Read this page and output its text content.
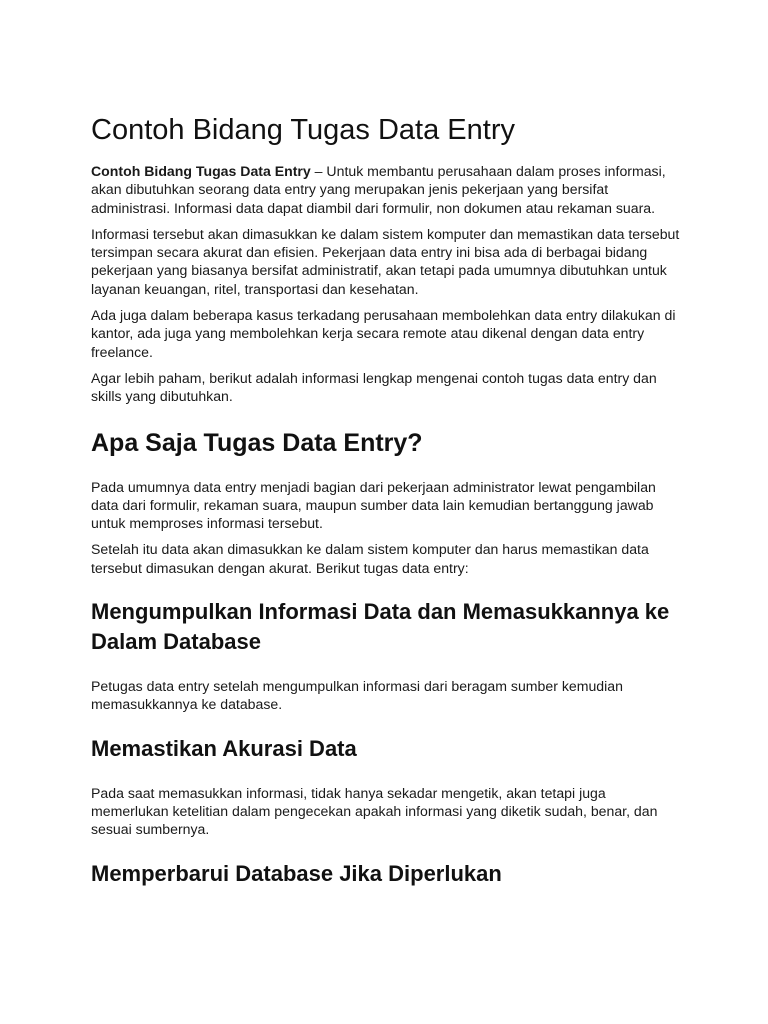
Contoh Bidang Tugas Data Entry

Contoh Bidang Tugas Data Entry – Untuk membantu perusahaan dalam proses informasi, akan dibutuhkan seorang data entry yang merupakan jenis pekerjaan yang bersifat administrasi. Informasi data dapat diambil dari formulir, non dokumen atau rekaman suara.

Informasi tersebut akan dimasukkan ke dalam sistem komputer dan memastikan data tersebut tersimpan secara akurat dan efisien. Pekerjaan data entry ini bisa ada di berbagai bidang pekerjaan yang biasanya bersifat administratif, akan tetapi pada umumnya dibutuhkan untuk layanan keuangan, ritel, transportasi dan kesehatan.

Ada juga dalam beberapa kasus terkadang perusahaan membolehkan data entry dilakukan di kantor, ada juga yang membolehkan kerja secara remote atau dikenal dengan data entry freelance.

Agar lebih paham, berikut adalah informasi lengkap mengenai contoh tugas data entry dan skills yang dibutuhkan.

Apa Saja Tugas Data Entry?

Pada umumnya data entry menjadi bagian dari pekerjaan administrator lewat pengambilan data dari formulir, rekaman suara, maupun sumber data lain kemudian bertanggung jawab untuk memproses informasi tersebut.

Setelah itu data akan dimasukkan ke dalam sistem komputer dan harus memastikan data tersebut dimasukan dengan akurat. Berikut tugas data entry:

Mengumpulkan Informasi Data dan Memasukkannya ke Dalam Database

Petugas data entry setelah mengumpulkan informasi dari beragam sumber kemudian memasukkannya ke database.

Memastikan Akurasi Data

Pada saat memasukkan informasi, tidak hanya sekadar mengetik, akan tetapi juga memerlukan ketelitian dalam pengecekan apakah informasi yang diketik sudah, benar, dan sesuai sumbernya.

Memperbarui Database Jika Diperlukan
